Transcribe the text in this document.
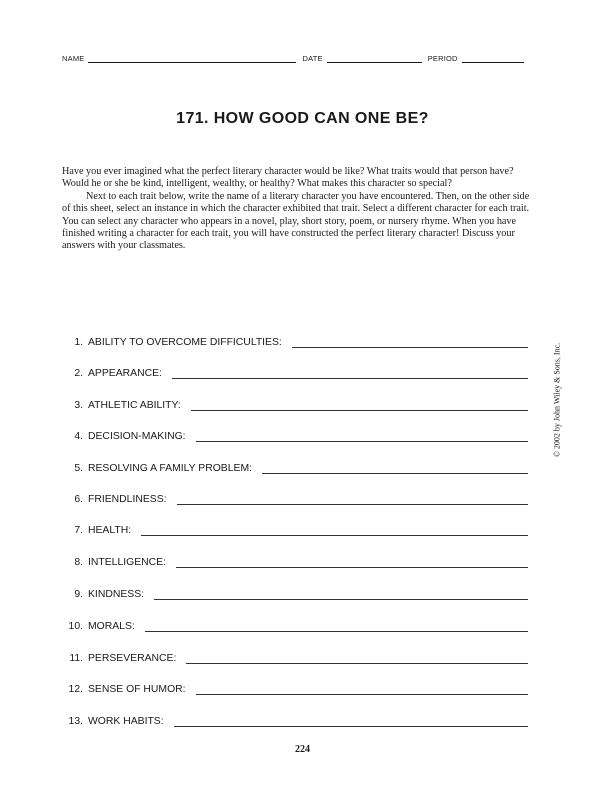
NAME	DATE	PERIOD
171. HOW GOOD CAN ONE BE?

Have you ever imagined what the perfect literary character would be like? What traits would that person have? Would he or she be kind, intelligent, wealthy, or healthy? What makes this character so special?

Next to each trait below, write the name of a literary character you have encountered. Then, on the other side of this sheet, select an instance in which the character exhibited that trait. Select a different character for each trait. You can select any character who appears in a novel, play, short story, poem, or nursery rhyme. When you have finished writing a character for each trait, you will have constructed the perfect literary character! Discuss your answers with your classmates.

1. ABILITY TO OVERCOME DIFFICULTIES:
2. APPEARANCE:
3. ATHLETIC ABILITY:
4. DECISION-MAKING:
5. RESOLVING A FAMILY PROBLEM:
6. FRIENDLINESS:
7. HEALTH:
8. INTELLIGENCE:
9. KINDNESS:
10. MORALS:
11. PERSEVERANCE:
12. SENSE OF HUMOR:
13. WORK HABITS:
© 2002 by John Wiley & Sons, Inc.
224
